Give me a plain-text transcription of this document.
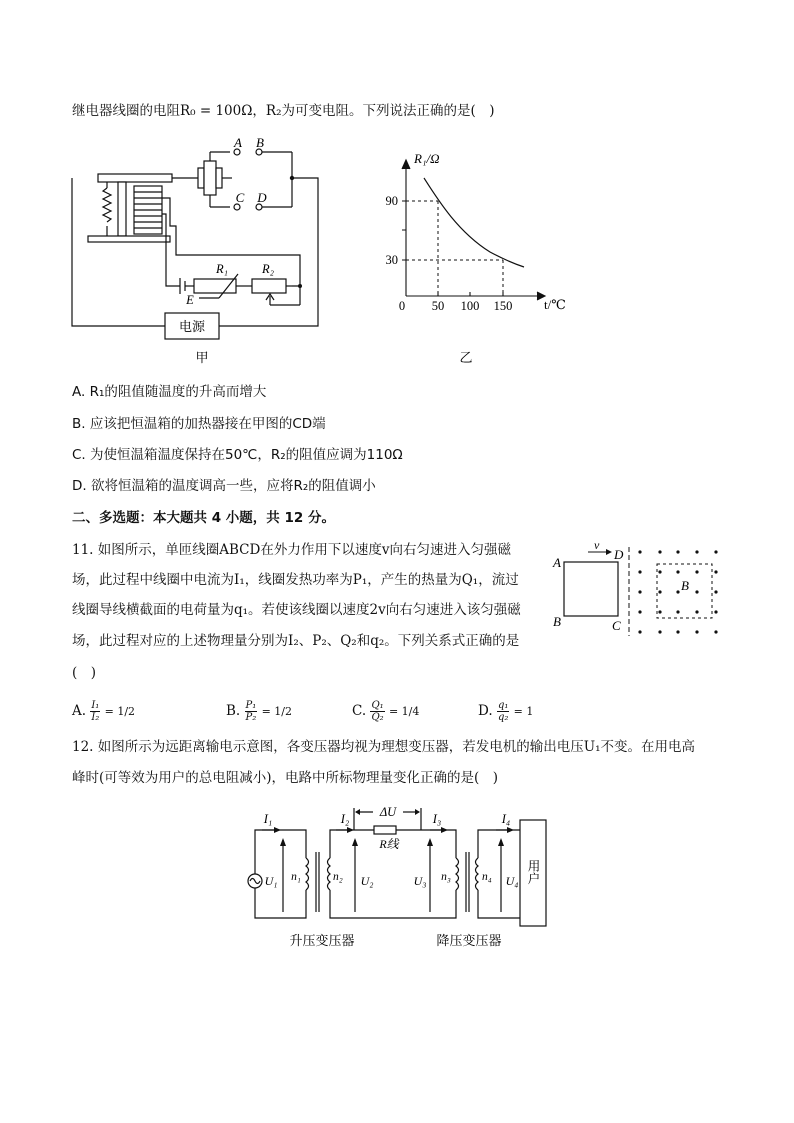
继电器线圈的电阻R₀ = 100Ω，R₂为可变电阻。下列说法正确的是(　)
A B
C D
R₁	R₂
E
电源
甲
R₁/Ω
t/℃
0 50 100 150
90
30
乙
A. R₁的阻值随温度的升高而增大
B. 应该把恒温箱的加热器接在甲图的CD端
C. 为使恒温箱温度保持在50℃，R₂的阻值应调为110Ω
D. 欲将恒温箱的温度调高一些，应将R₂的阻值调小
二、多选题：本大题共 4 小题，共 12 分。
11. 如图所示，单匝线圈ABCD在外力作用下以速度v向右匀速进入匀强磁
场，此过程中线圈中电流为I₁，线圈发热功率为P₁，产生的热量为Q₁，流过
线圈导线横截面的电荷量为q₁。若使该线圈以速度2v向右匀速进入该匀强磁
场，此过程对应的上述物理量分别为I₂、P₂、Q₂和q₂。下列关系式正确的是
(　)
A
B	C
D
v
B
A. $\frac{\text{I₁}}{\text{I₂}} = 1/2$	B. $\frac{\text{P₁}}{\text{P₂}} = 1/2$	C. $\frac{\text{Q₁}}{\text{Q₂}} = 1/4$	D. $\frac{\text{q₁}}{\text{q₂}} = 1$
12. 如图所示为远距离输电示意图，各变压器均视为理想变压器，若发电机的输出电压U₁不变。在用电高
峰时(可等效为用户的总电阻减小)，电路中所标物理量变化正确的是(　)
I₁	I₂	I₃	I₄
ΔU
R线
U₁	U₂	U₃	U₄
n₁	n₂	n₃	n₄	用户
升压变压器	降压变压器
